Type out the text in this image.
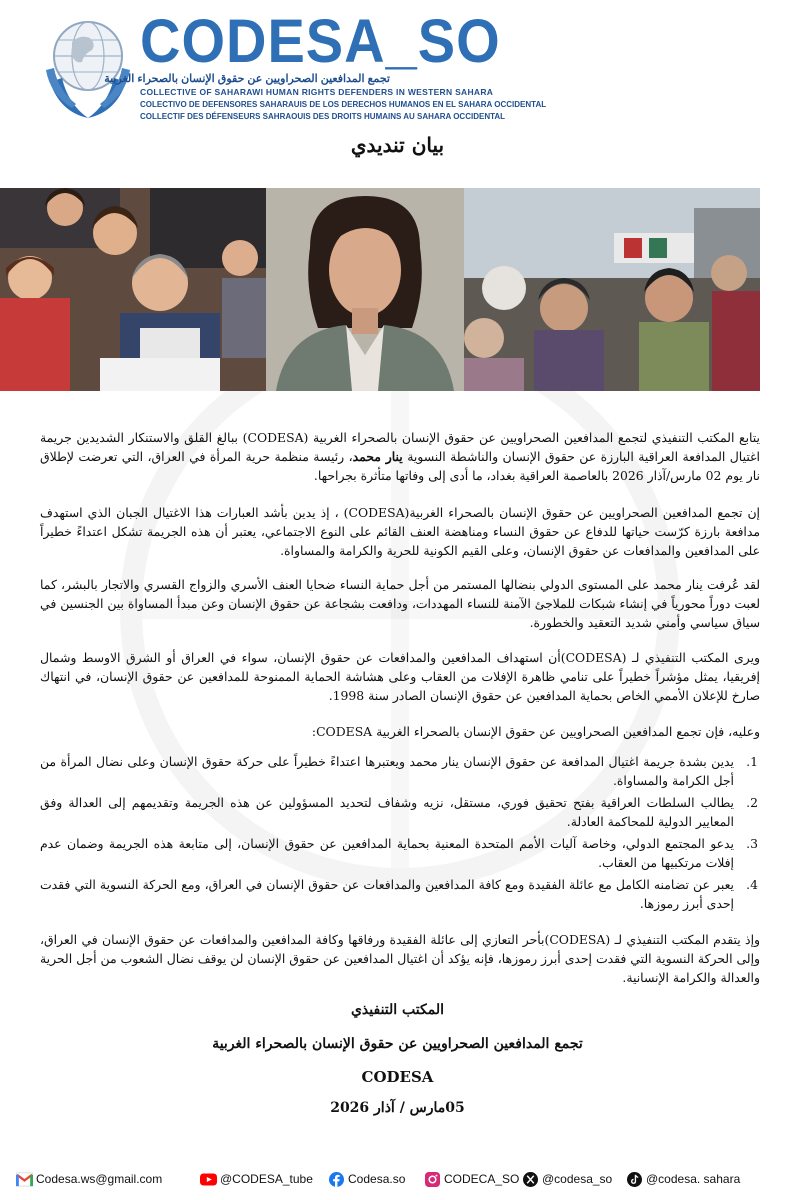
CODESA_SO
تجمع المدافعين الصحراويين عن حقوق الإنسان بالصحراء الغربية
COLLECTIVE OF SAHARAWI HUMAN RIGHTS DEFENDERS IN WESTERN SAHARA
COLECTIVO DE DEFENSORES SAHARAUIS DE LOS DERECHOS HUMANOS EN EL SAHARA OCCIDENTAL
COLLECTIF DES DÉFENSEURS SAHRAOUIS DES DROITS HUMAINS AU SAHARA OCCIDENTAL
بيان تنديدي

يتابع المكتب التنفيذي لتجمع المدافعين الصحراويين عن حقوق الإنسان بالصحراء الغربية (CODESA) ببالغ القلق والاستنكار الشديدين جريمة اغتيال المدافعة العراقية البارزة عن حقوق الإنسان والناشطة النسوية ينار محمد، رئيسة منظمة حرية المرأة في العراق، التي تعرضت لإطلاق نار يوم 02 مارس/آذار 2026 بالعاصمة العراقية بغداد، ما أدى إلى وفاتها متأثرة بجراحها.

إن تجمع المدافعين الصحراويين عن حقوق الإنسان بالصحراء الغربية(CODESA) ، إذ يدين بأشد العبارات هذا الاغتيال الجبان الذي استهدف مدافعة بارزة كرّست حياتها للدفاع عن حقوق النساء ومناهضة العنف القائم على النوع الاجتماعي، يعتبر أن هذه الجريمة تشكل اعتداءً خطيراً على المدافعين والمدافعات عن حقوق الإنسان، وعلى القيم الكونية للحرية والكرامة والمساواة.

لقد عُرفت ينار محمد على المستوى الدولي بنضالها المستمر من أجل حماية النساء ضحايا العنف الأسري والزواج القسري والاتجار بالبشر، كما لعبت دوراً محورياً في إنشاء شبكات للملاجئ الآمنة للنساء المهددات، ودافعت بشجاعة عن حقوق الإنسان وعن مبدأ المساواة بين الجنسين في سياق سياسي وأمني شديد التعقيد والخطورة.

ويرى المكتب التنفيذي لـ (CODESA)أن استهداف المدافعين والمدافعات عن حقوق الإنسان، سواء في العراق أو الشرق الاوسط وشمال إفريقيا، يمثل مؤشراً خطيراً على تنامي ظاهرة الإفلات من العقاب وعلى هشاشة الحماية الممنوحة للمدافعين عن حقوق الإنسان، في انتهاك صارخ للإعلان الأممي الخاص بحماية المدافعين عن حقوق الإنسان الصادر سنة 1998.

وعليه، فإن تجمع المدافعين الصحراويين عن حقوق الإنسان بالصحراء الغربية CODESA:

1.
يدين بشدة جريمة اغتيال المدافعة عن حقوق الإنسان ينار محمد ويعتبرها اعتداءً خطيراً على حركة حقوق الإنسان وعلى نضال المرأة من أجل الكرامة والمساواة.
2.
يطالب السلطات العراقية بفتح تحقيق فوري، مستقل، نزيه وشفاف لتحديد المسؤولين عن هذه الجريمة وتقديمهم إلى العدالة وفق المعايير الدولية للمحاكمة العادلة.
3.
يدعو المجتمع الدولي، وخاصة آليات الأمم المتحدة المعنية بحماية المدافعين عن حقوق الإنسان، إلى متابعة هذه الجريمة وضمان عدم إفلات مرتكبيها من العقاب.
4.
يعبر عن تضامنه الكامل مع عائلة الفقيدة ومع كافة المدافعين والمدافعات عن حقوق الإنسان في العراق، ومع الحركة النسوية التي فقدت إحدى أبرز رموزها.

وإذ يتقدم المكتب التنفيذي لـ (CODESA)بأحر التعازي إلى عائلة الفقيدة ورفاقها وكافة المدافعين والمدافعات عن حقوق الإنسان في العراق، وإلى الحركة النسوية التي فقدت إحدى أبرز رموزها، فإنه يؤكد أن اغتيال المدافعين عن حقوق الإنسان لن يوقف نضال الشعوب من أجل الحرية والعدالة والكرامة الإنسانية.

المكتب التنفيذي
تجمع المدافعين الصحراويين عن حقوق الإنسان بالصحراء الغربية
CODESA
05مارس / آذار 2026
Codesa.ws@gmail.com	@CODESA_tube	Codesa.so	CODECA_SO	@codesa_so	@codesa. sahara
